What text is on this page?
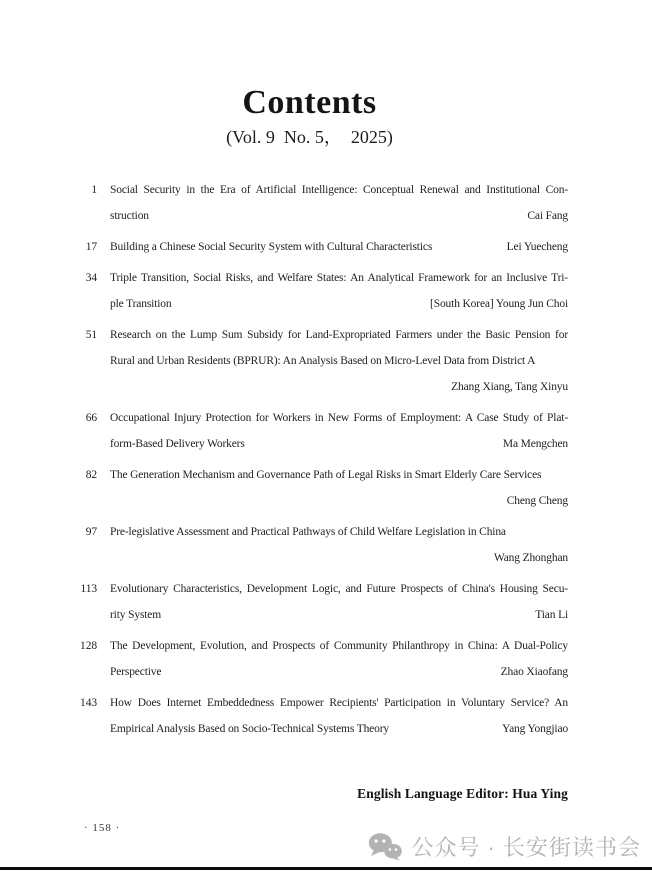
Contents
(Vol. 9  No. 5，  2025)
1 Social Security in the Era of Artificial Intelligence: Conceptual Renewal and Institutional Con-
struction	Cai Fang
17 Building a Chinese Social Security System with Cultural Characteristics	Lei Yuecheng
34 Triple Transition, Social Risks, and Welfare States: An Analytical Framework for an Inclusive Tri-
ple Transition	[South Korea] Young Jun Choi
51 Research on the Lump Sum Subsidy for Land-Expropriated Farmers under the Basic Pension for
Rural and Urban Residents (BPRUR): An Analysis Based on Micro-Level Data from District A
Zhang Xiang, Tang Xinyu
66 Occupational Injury Protection for Workers in New Forms of Employment: A Case Study of Plat-
form-Based Delivery Workers	Ma Mengchen
82 The Generation Mechanism and Governance Path of Legal Risks in Smart Elderly Care Services
Cheng Cheng
97 Pre-legislative Assessment and Practical Pathways of Child Welfare Legislation in China
Wang Zhonghan
113 Evolutionary Characteristics, Development Logic, and Future Prospects of China's Housing Secu-
rity System	Tian Li
128 The Development, Evolution, and Prospects of Community Philanthropy in China: A Dual-Policy
Perspective	Zhao Xiaofang
143 How Does Internet Embeddedness Empower Recipients' Participation in Voluntary Service? An
Empirical Analysis Based on Socio-Technical Systems Theory	Yang Yongjiao
English Language Editor: Hua Ying
· 158 ·
公众号 · 长安街读书会
